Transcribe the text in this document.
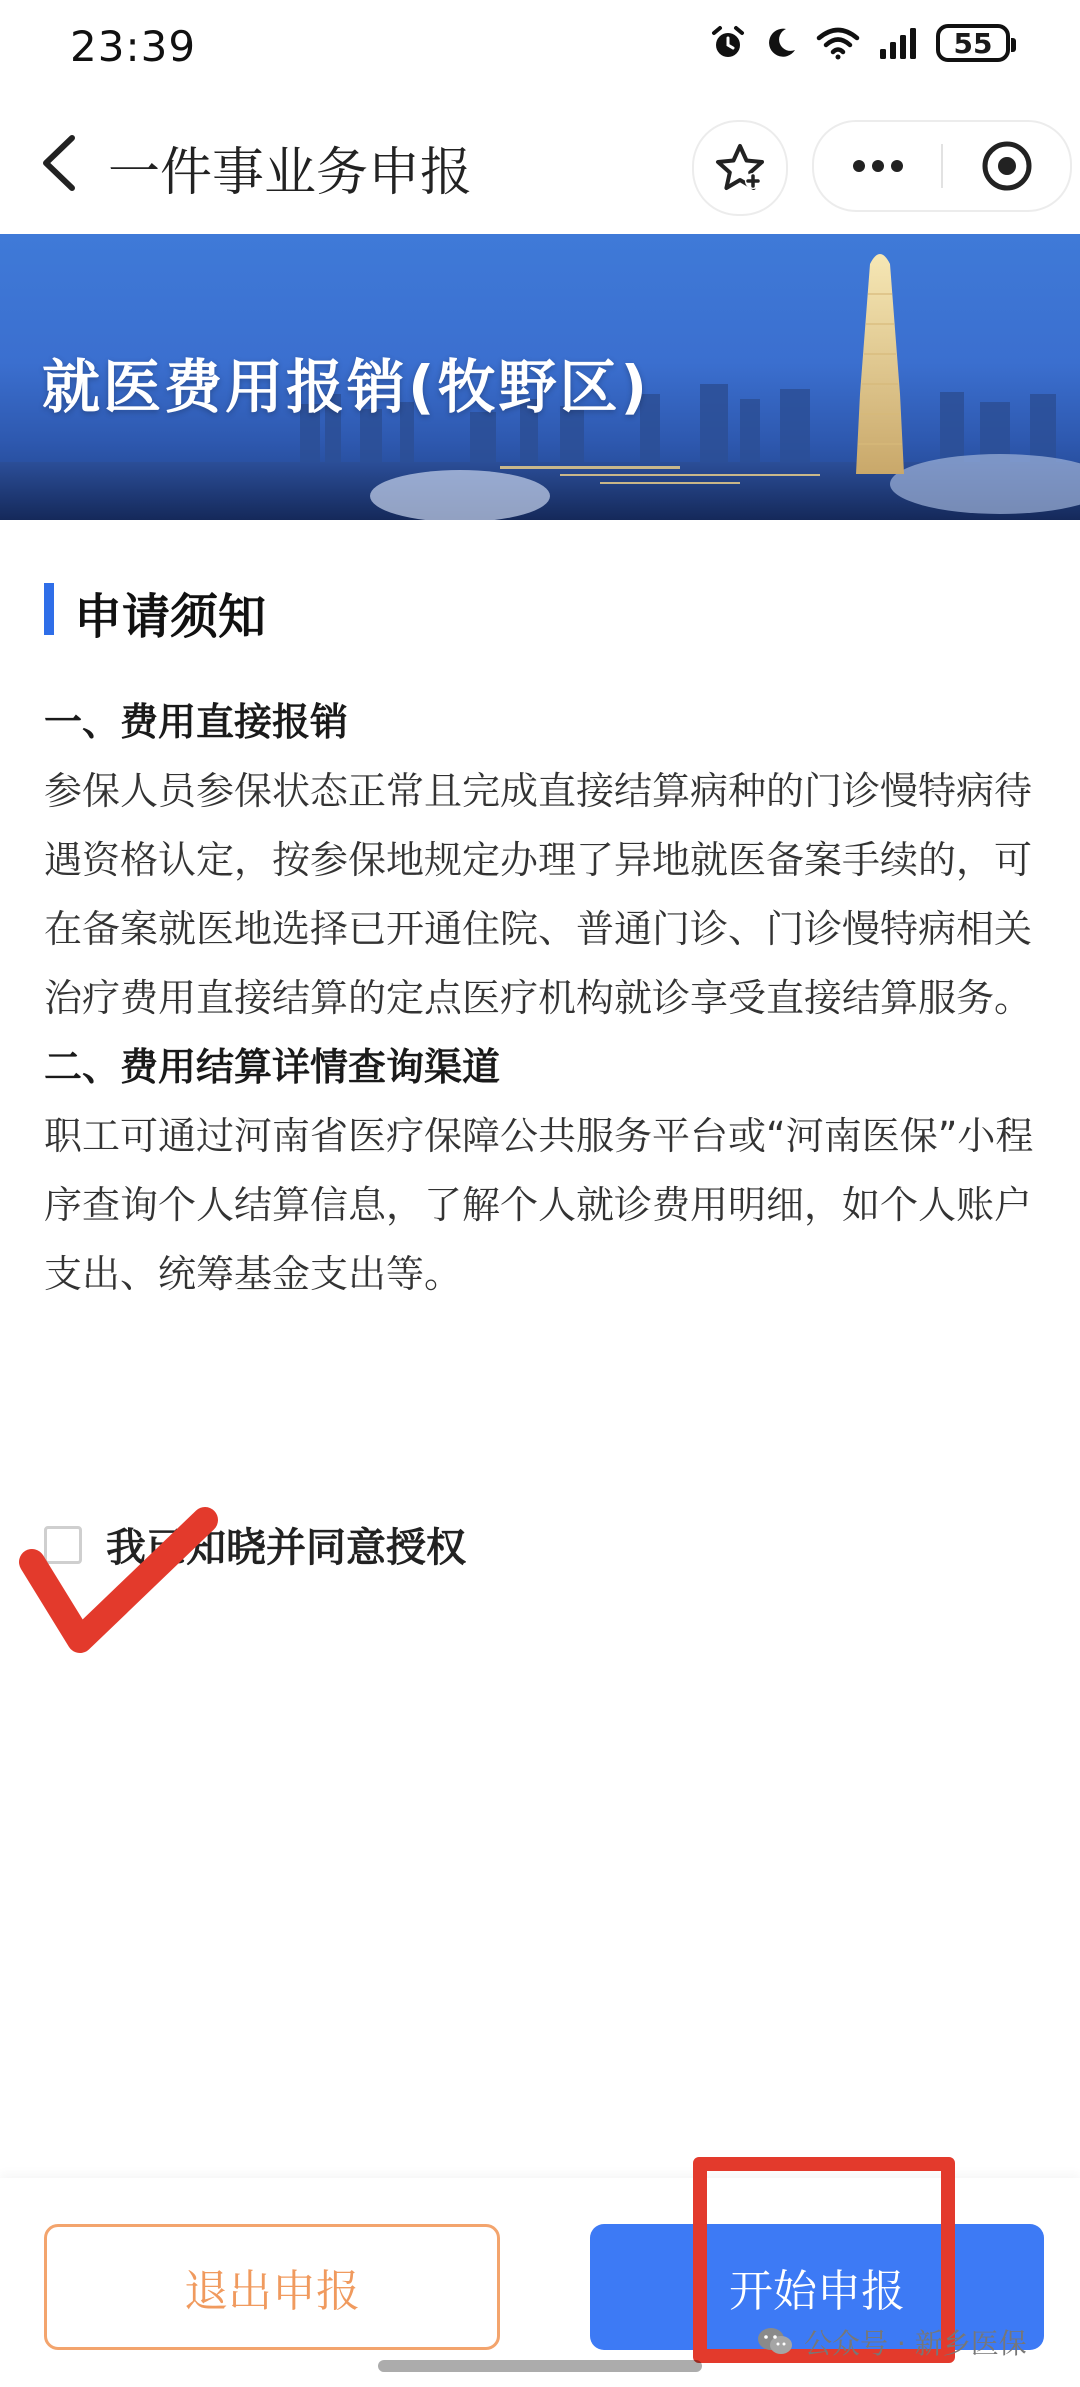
23:39	55
一件事业务申报
就医费用报销(牧野区)
申请须知

一、费用直接报销

参保人员参保状态正常且完成直接结算病种的门诊慢特病待遇资格认定，按参保地规定办理了异地就医备案手续的，可在备案就医地选择已开通住院、普通门诊、门诊慢特病相关治疗费用直接结算的定点医疗机构就诊享受直接结算服务。

二、费用结算详情查询渠道

职工可通过河南省医疗保障公共服务平台或“河南医保”小程序查询个人结算信息，了解个人就诊费用明细，如个人账户支出、统筹基金支出等。

我已知晓并同意授权
退出申报	开始申报
公众号 · 新乡医保
